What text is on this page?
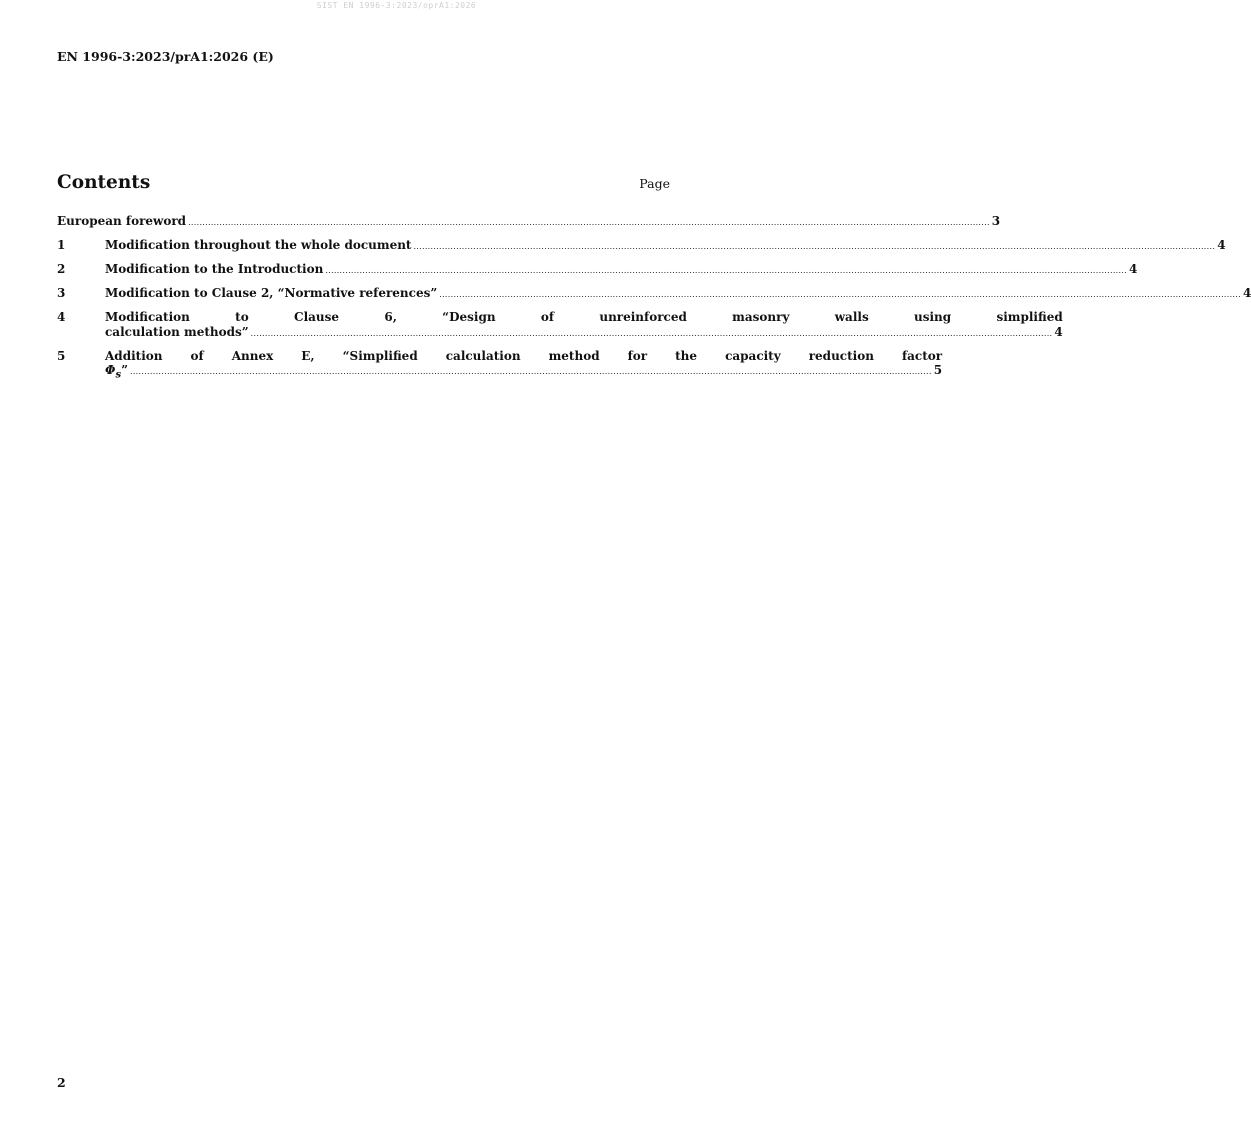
SIST EN 1996-3:2023/oprA1:2026
EN 1996-3:2023/prA1:2026 (E)
Contents	Page
European foreword .....	3
1	Modification throughout the whole document .....	4
2	Modification to the Introduction .....	4
3	Modification to Clause 2, “Normative references” .....	4
4	Modification to Clause 6, “Design of unreinforced masonry walls using simplified
calculation methods” .....	4
5	Addition of Annex E, “Simplified calculation method for the capacity reduction factor
$\Phi_s$” .....	5
2
